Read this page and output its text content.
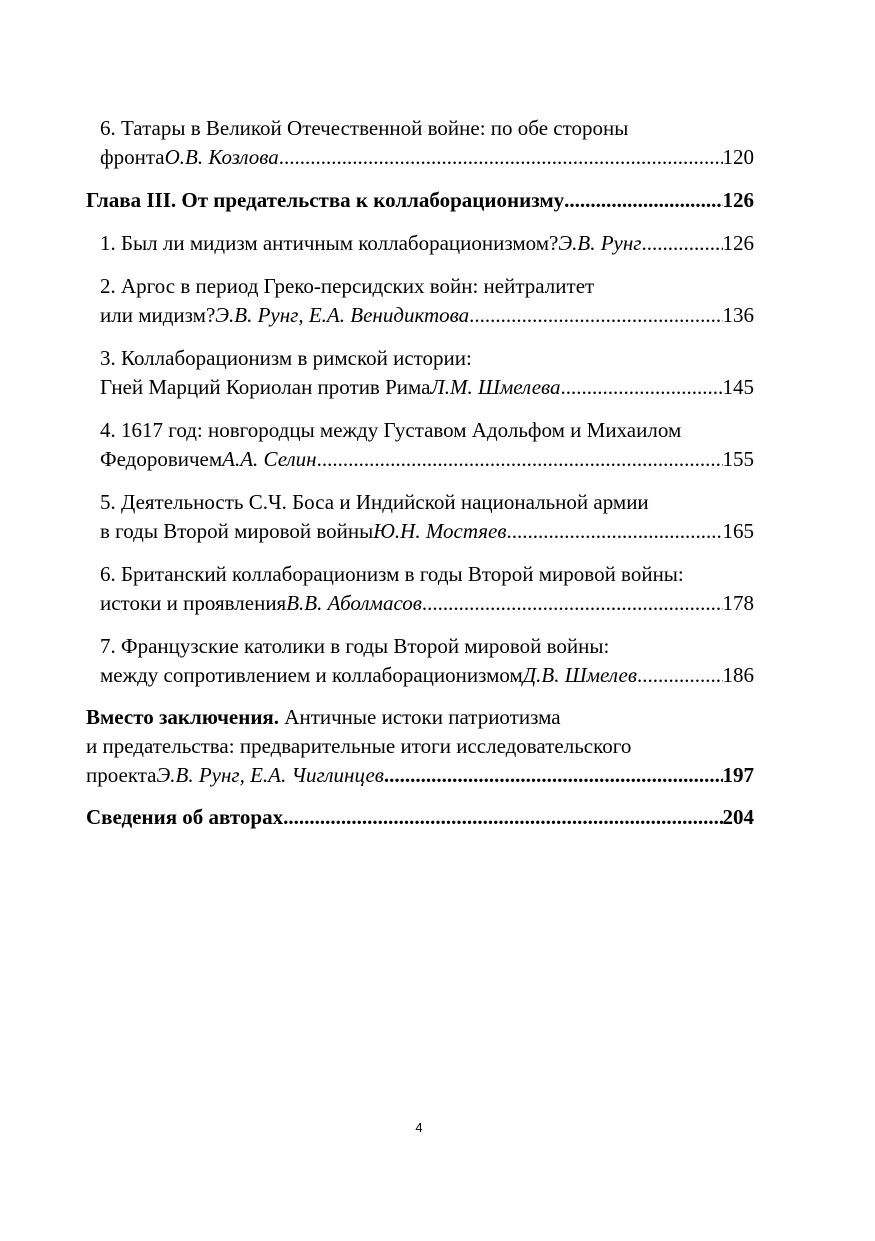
6. Татары в Великой Отечественной войне: по обе стороны
фронта О.В. Козлова .....	120
Глава III. От предательства к коллаборационизму .....	126
1. Был ли мидизм античным коллаборационизмом? Э.В. Рунг .....	126
2. Аргос в период Греко-персидских войн: нейтралитет
или мидизм? Э.В. Рунг, Е.А. Венидиктова .....	136
3. Коллаборационизм в римской истории:
Гней Марций Кориолан против Рима Л.М. Шмелева .....	145
4. 1617 год: новгородцы между Густавом Адольфом и Михаилом
Федоровичем А.А. Селин .....	155
5. Деятельность С.Ч. Боса и Индийской национальной армии
в годы Второй мировой войны Ю.Н. Мостяев .....	165
6. Британский коллаборационизм в годы Второй мировой войны:
истоки и проявления В.В. Аболмасов .....	178
7. Французские католики в годы Второй мировой войны:
между сопротивлением и коллаборационизмом Д.В. Шмелев .....	186
Вместо заключения. Античные истоки патриотизма
и предательства: предварительные итоги исследовательского
проекта Э.В. Рунг, Е.А. Чиглинцев .....	197
Сведения об авторах .....	204
4
